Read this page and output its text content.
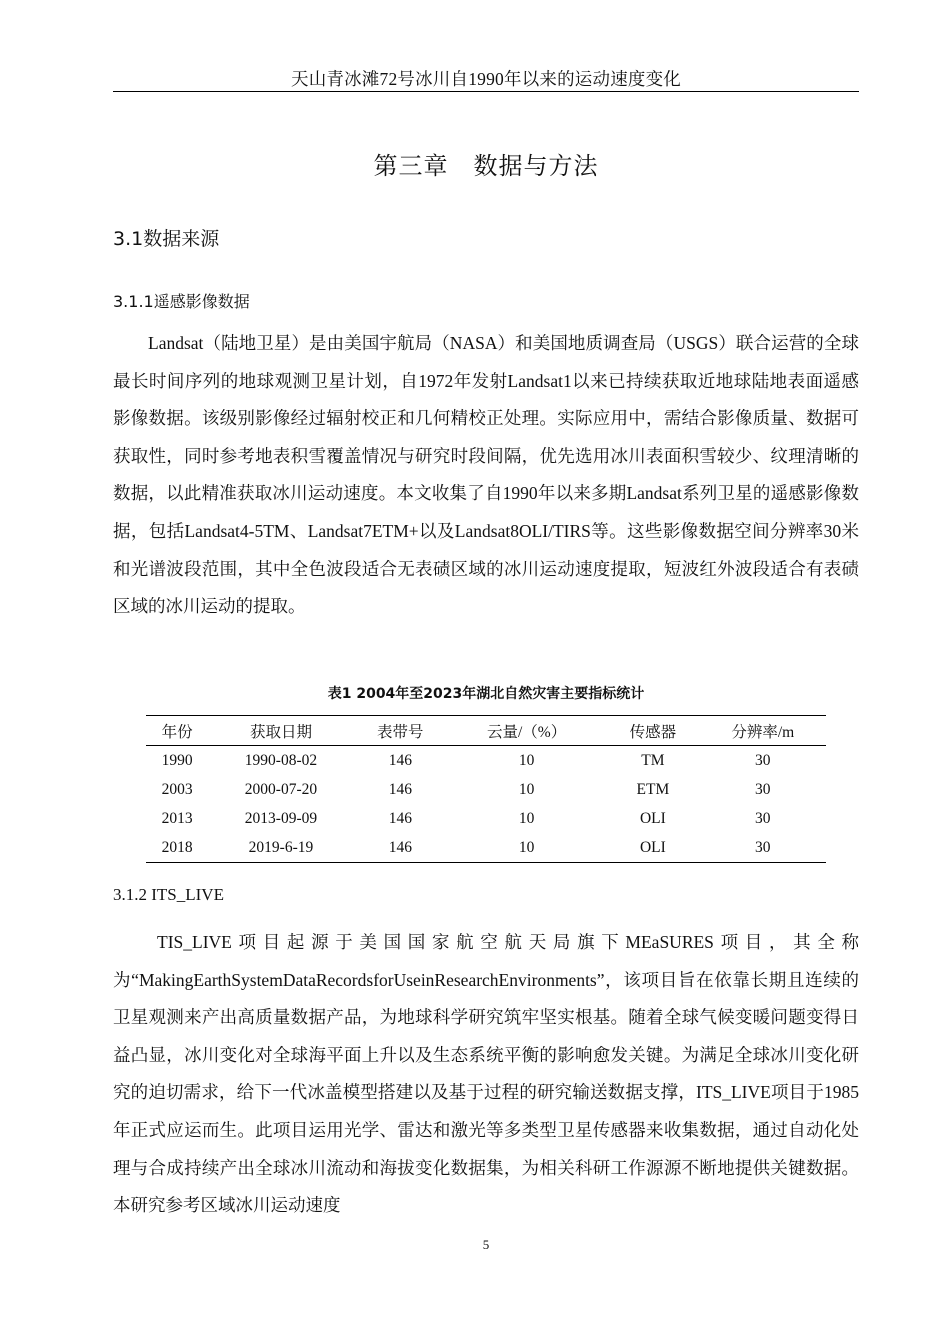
天山青冰滩72号冰川自1990年以来的运动速度变化
第三章　数据与方法
3.1数据来源
3.1.1遥感影像数据

Landsat（陆地卫星）是由美国宇航局（NASA）和美国地质调查局（USGS）联合运营的全球最长时间序列的地球观测卫星计划，自1972年发射Landsat1以来已持续获取近地球陆地表面遥感影像数据。该级别影像经过辐射校正和几何精校正处理。实际应用中，需结合影像质量、数据可获取性，同时参考地表积雪覆盖情况与研究时段间隔，优先选用冰川表面积雪较少、纹理清晰的数据，以此精准获取冰川运动速度。本文收集了自1990年以来多期Landsat系列卫星的遥感影像数据，包括Landsat4-5TM、Landsat7ETM+以及Landsat8OLI/TIRS等。这些影像数据空间分辨率30米和光谱波段范围，其中全色波段适合无表碛区域的冰川运动速度提取，短波红外波段适合有表碛区域的冰川运动的提取。

表1 2004年至2023年湖北自然灾害主要指标统计
年份	获取日期	表带号	云量/（%）	传感器	分辨率/m
1990	1990-08-02	146	10	TM	30
2003	2000-07-20	146	10	ETM	30
2013	2013-09-09	146	10	OLI	30
2018	2019-6-19	146	10	OLI	30
3.1.2 ITS_LIVE

TIS_LIVE项目起源于美国国家航空航天局旗下MEaSURES项目，其全称为“MakingEarthSystemDataRecordsforUseinResearchEnvironments”，该项目旨在依靠长期且连续的卫星观测来产出高质量数据产品，为地球科学研究筑牢坚实根基。随着全球气候变暖问题变得日益凸显，冰川变化对全球海平面上升以及生态系统平衡的影响愈发关键。为满足全球冰川变化研究的迫切需求，给下一代冰盖模型搭建以及基于过程的研究输送数据支撑，ITS_LIVE项目于1985年正式应运而生。此项目运用光学、雷达和激光等多类型卫星传感器来收集数据，通过自动化处理与合成持续产出全球冰川流动和海拔变化数据集，为相关科研工作源源不断地提供关键数据。本研究参考区域冰川运动速度

5
